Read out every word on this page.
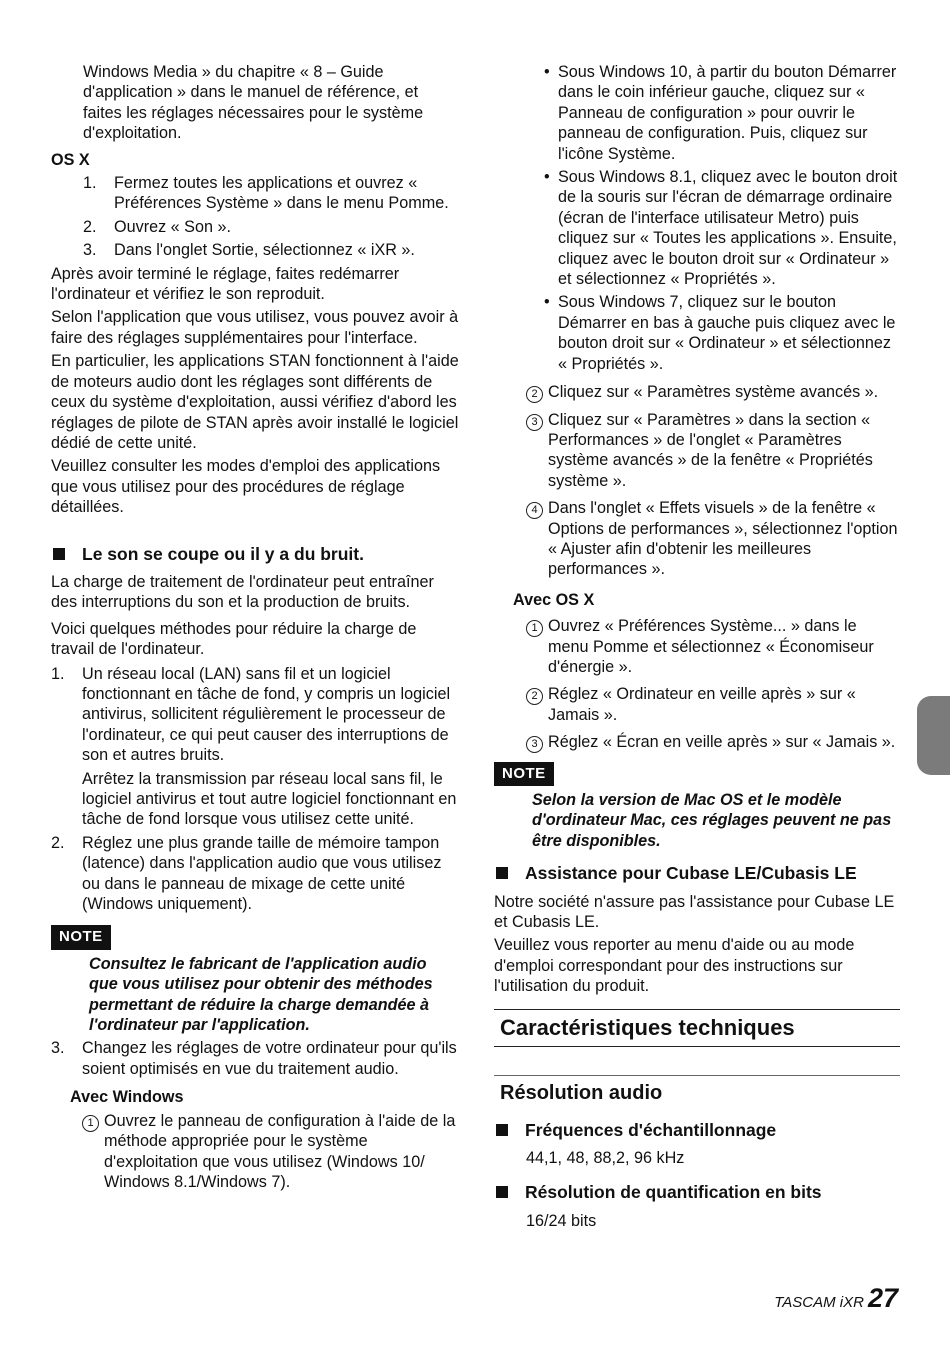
Windows Media » du chapitre « 8 – Guide d'application » dans le manuel de référence, et faites les réglages nécessaires pour le système d'exploitation.

OS X

1.	Fermez toutes les applications et ouvrez « Préférences Système » dans le menu Pomme.
2.	Ouvrez « Son ».
3.	Dans l'onglet Sortie, sélectionnez « iXR ».

Après avoir terminé le réglage, faites redémarrer l'ordinateur et vérifiez le son reproduit.

Selon l'application que vous utilisez, vous pouvez avoir à faire des réglages supplémentaires pour l'interface.

En particulier, les applications STAN fonctionnent à l'aide de moteurs audio dont les réglages sont différents de ceux du système d'exploitation, aussi vérifiez d'abord les réglages de pilote de STAN après avoir installé le logiciel dédié de cette unité.

Veuillez consulter les modes d'emploi des applications que vous utilisez pour des procédures de réglage détaillées.

Le son se coupe ou il y a du bruit.

La charge de traitement de l'ordinateur peut entraîner des interruptions du son et la production de bruits.

Voici quelques méthodes pour réduire la charge de travail de l'ordinateur.

1.	Un réseau local (LAN) sans fil et un logiciel fonctionnant en tâche de fond, y compris un logiciel antivirus, sollicitent régulièrement le processeur de l'ordinateur, ce qui peut causer des interruptions de son et autres bruits.

Arrêtez la transmission par réseau local sans fil, le logiciel antivirus et tout autre logiciel fonctionnant en tâche de fond lorsque vous utilisez cette unité.

2.	Réglez une plus grande taille de mémoire tampon (latence) dans l'application audio que vous utilisez ou dans le panneau de mixage de cette unité (Windows uniquement).
NOTE

Consultez le fabricant de l'application audio que vous utilisez pour obtenir des méthodes permettant de réduire la charge demandée à l'ordinateur par l'application.

3.	Changez les réglages de votre ordinateur pour qu'ils soient optimisés en vue du traitement audio.

Avec Windows

1 Ouvrez le panneau de configuration à l'aide de la méthode appropriée pour le système d'exploitation que vous utilisez (Windows 10/ Windows 8.1/Windows 7).
• Sous Windows 10, à partir du bouton Démarrer dans le coin inférieur gauche, cliquez sur « Panneau de configuration » pour ouvrir le panneau de configuration. Puis, cliquez sur l'icône Système.
• Sous Windows 8.1, cliquez avec le bouton droit de la souris sur l'écran de démarrage ordinaire (écran de l'interface utilisateur Metro) puis cliquez sur « Toutes les applications ». Ensuite, cliquez avec le bouton droit sur « Ordinateur » et sélectionnez « Propriétés ».
• Sous Windows 7, cliquez sur le bouton Démarrer en bas à gauche puis cliquez avec le bouton droit sur « Ordinateur » et sélectionnez « Propriétés ».
2 Cliquez sur « Paramètres système avancés ».
3 Cliquez sur « Paramètres » dans la section « Performances » de l'onglet « Paramètres système avancés » de la fenêtre « Propriétés système ».
4 Dans l'onglet « Effets visuels » de la fenêtre « Options de performances », sélectionnez l'option « Ajuster afin d'obtenir les meilleures performances ».

Avec OS X

1 Ouvrez « Préférences Système... » dans le menu Pomme et sélectionnez « Économiseur d'énergie ».
2 Réglez « Ordinateur en veille après » sur « Jamais ».
3 Réglez « Écran en veille après » sur « Jamais ».
NOTE

Selon la version de Mac OS et le modèle d'ordinateur Mac, ces réglages peuvent ne pas être disponibles.

Assistance pour Cubase LE/Cubasis LE

Notre société n'assure pas l'assistance pour Cubase LE et Cubasis LE.

Veuillez vous reporter au menu d'aide ou au mode d'emploi correspondant pour des instructions sur l'utilisation du produit.

Caractéristiques techniques
Résolution audio
Fréquences d'échantillonnage

44,1, 48, 88,2, 96 kHz

Résolution de quantification en bits

16/24 bits

TASCAM iXR 27
